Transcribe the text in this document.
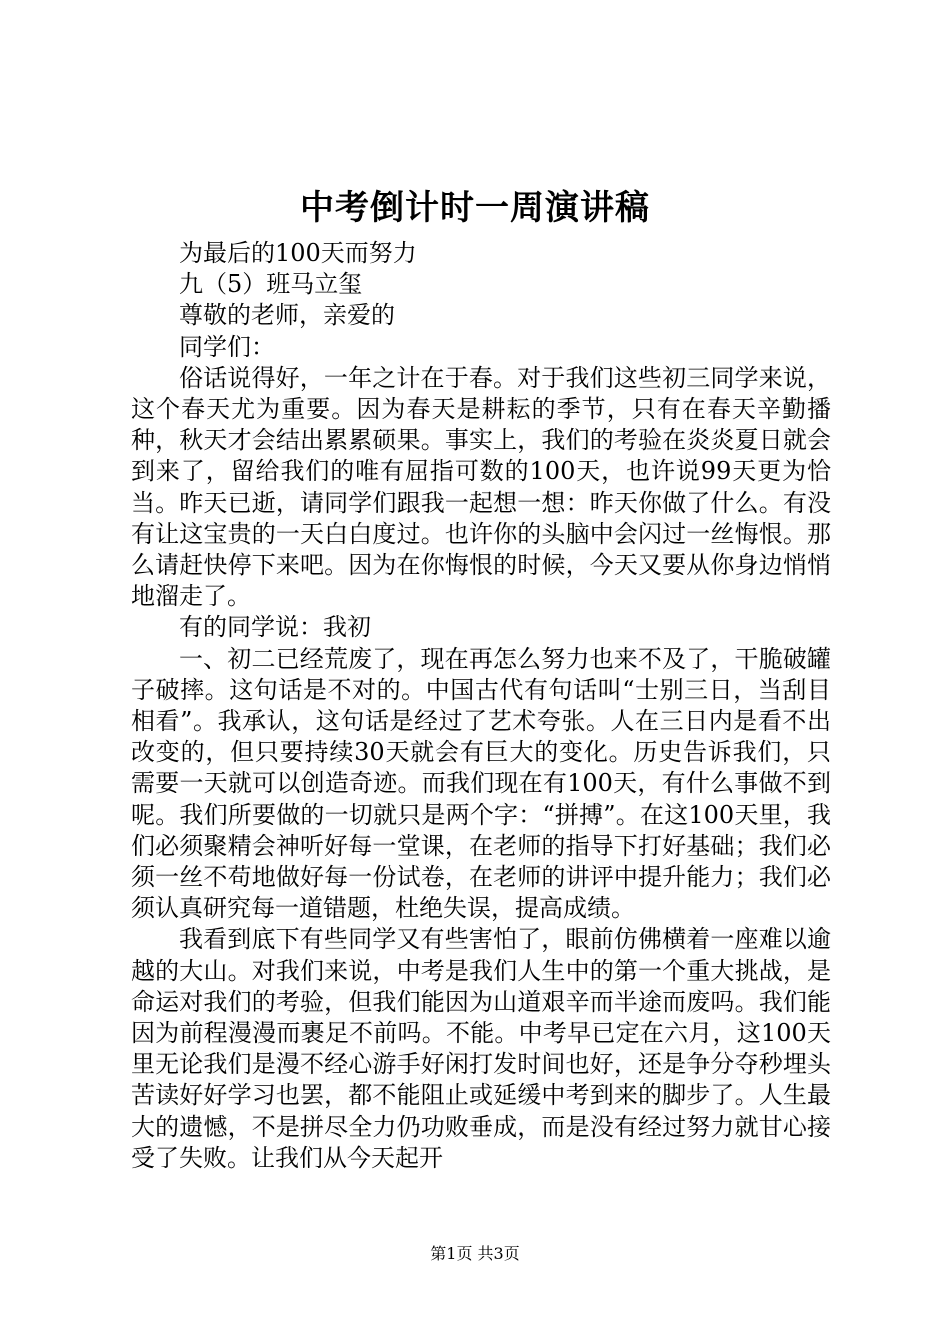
中考倒计时一周演讲稿

为最后的100天而努力

九（5）班马立玺

尊敬的老师，亲爱的

同学们：

俗话说得好，一年之计在于春。对于我们这些初三同学来说，这个春天尤为重要。因为春天是耕耘的季节，只有在春天辛勤播种，秋天才会结出累累硕果。事实上，我们的考验在炎炎夏日就会到来了，留给我们的唯有屈指可数的100天，也许说99天更为恰当。昨天已逝，请同学们跟我一起想一想：昨天你做了什么。有没有让这宝贵的一天白白度过。也许你的头脑中会闪过一丝悔恨。那么请赶快停下来吧。因为在你悔恨的时候，今天又要从你身边悄悄地溜走了。

有的同学说：我初

一、初二已经荒废了，现在再怎么努力也来不及了，干脆破罐子破摔。这句话是不对的。中国古代有句话叫“士别三日，当刮目相看”。我承认，这句话是经过了艺术夸张。人在三日内是看不出改变的，但只要持续30天就会有巨大的变化。历史告诉我们，只需要一天就可以创造奇迹。而我们现在有100天，有什么事做不到呢。我们所要做的一切就只是两个字：“拼搏”。在这100天里，我们必须聚精会神听好每一堂课，在老师的指导下打好基础；我们必须一丝不苟地做好每一份试卷，在老师的讲评中提升能力；我们必须认真研究每一道错题，杜绝失误，提高成绩。

我看到底下有些同学又有些害怕了，眼前仿佛横着一座难以逾越的大山。对我们来说，中考是我们人生中的第一个重大挑战，是命运对我们的考验，但我们能因为山道艰辛而半途而废吗。我们能因为前程漫漫而裹足不前吗。不能。中考早已定在六月，这100天里无论我们是漫不经心游手好闲打发时间也好，还是争分夺秒埋头苦读好好学习也罢，都不能阻止或延缓中考到来的脚步了。人生最大的遗憾，不是拼尽全力仍功败垂成，而是没有经过努力就甘心接受了失败。让我们从今天起开

第1页 共3页
